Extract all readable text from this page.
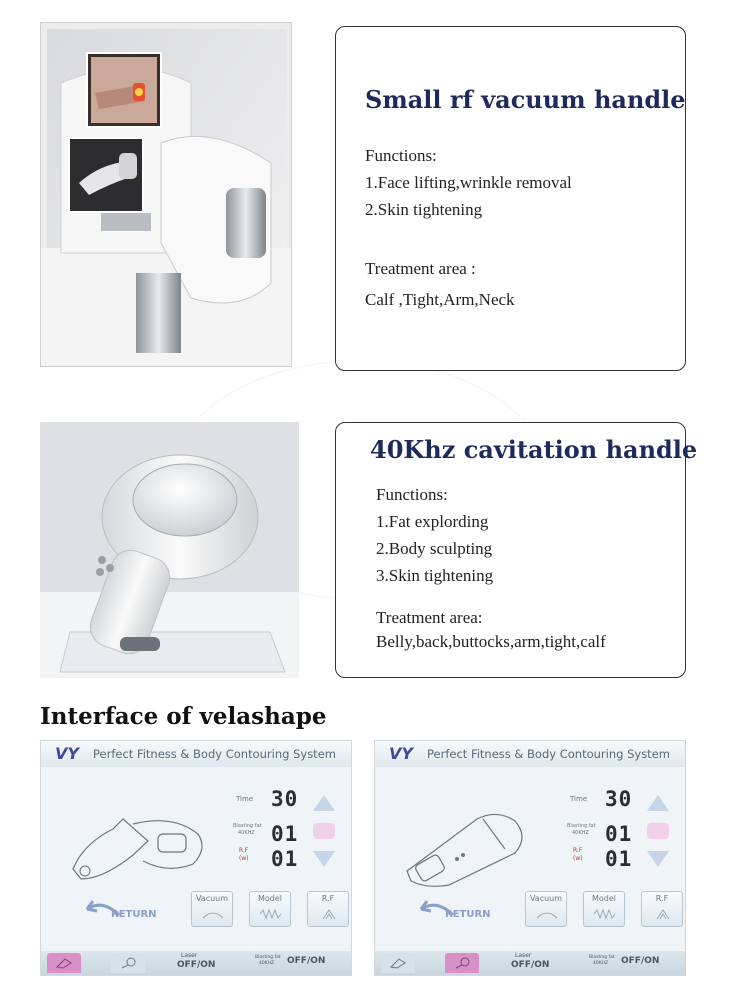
Small rf vacuum handle
Functions:
1.Face lifting,wrinkle removal
2.Skin tightening
Treatment area :
Calf ,Tight,Arm,Neck
40Khz cavitation handle
Functions:
1.Fat explording
2.Body sculpting
3.Skin tightening
Treatment area:
Belly,back,buttocks,arm,tight,calf
Interface of velashape
VY Perfect Fitness & Body Contouring System
Time 30
Blasting fat
40KHZ 01
R.F
(w) 01
RETURN
Vacuum	Model	R.F
Laser
OFF/ON
Blasting fat
40KHZ OFF/ON
VY Perfect Fitness & Body Contouring System
Time 30
Blasting fat
40KHZ 01
R.F
(w) 01
RETURN
Vacuum	Model	R.F
Laser
OFF/ON
Blasting fat
40KHZ OFF/ON
